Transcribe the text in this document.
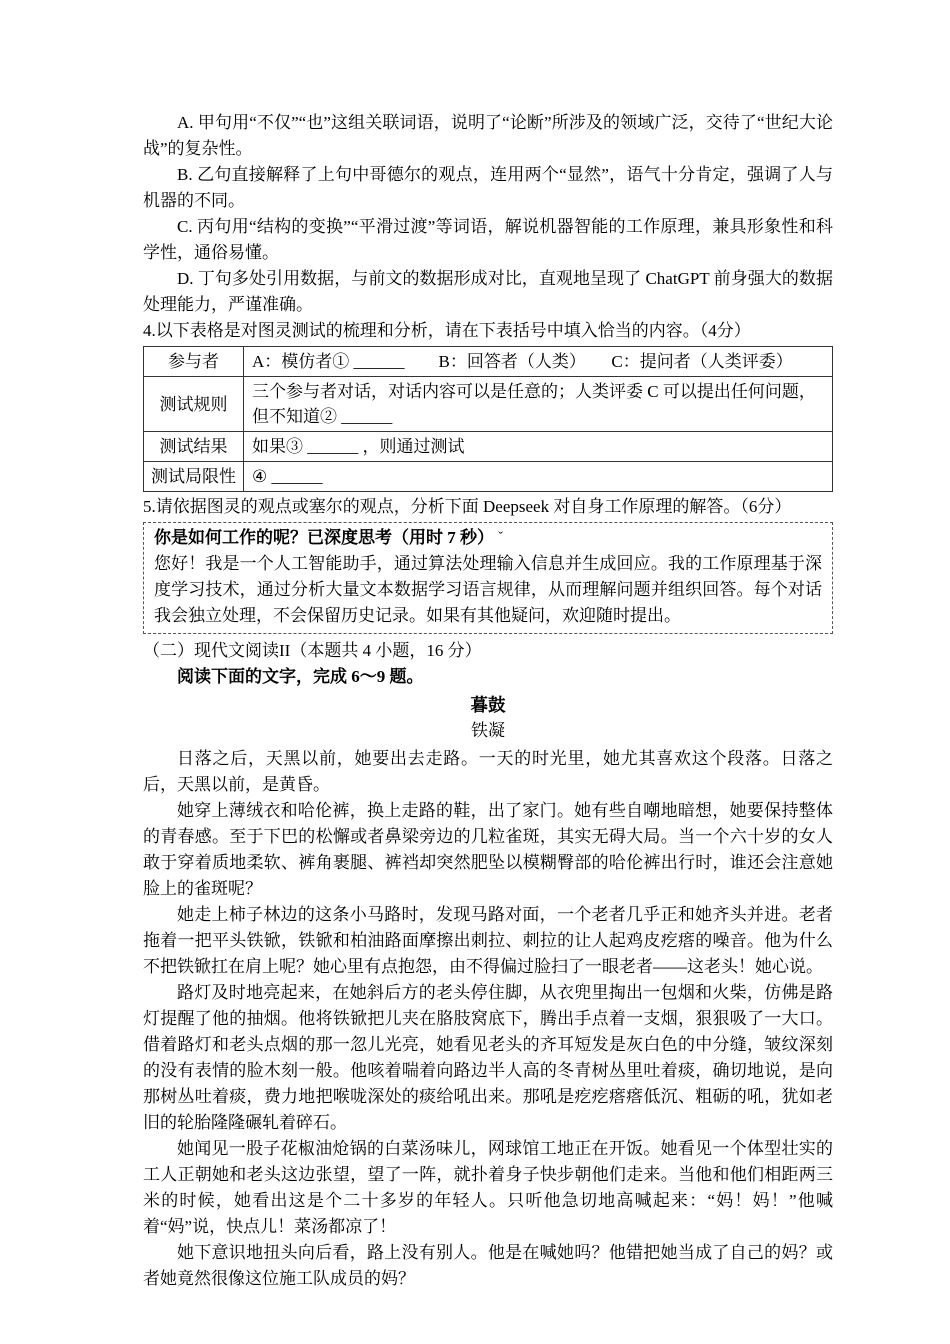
A. 甲句用“不仅”“也”这组关联词语，说明了“论断”所涉及的领域广泛，交待了“世纪大论战”的复杂性。

B. 乙句直接解释了上句中哥德尔的观点，连用两个“显然”，语气十分肯定，强调了人与机器的不同。

C. 丙句用“结构的变换”“平滑过渡”等词语，解说机器智能的工作原理，兼具形象性和科学性，通俗易懂。

D. 丁句多处引用数据，与前文的数据形成对比，直观地呈现了 ChatGPT 前身强大的数据处理能力，严谨准确。

4.以下表格是对图灵测试的梳理和分析，请在下表括号中填入恰当的内容。（4分）

参与者	A：模仿者① ______　　B：回答者（人类）　　C：提问者（人类评委）
测试规则	三个参与者对话，对话内容可以是任意的；人类评委 C 可以提出任何问题，但不知道② ______
测试结果	如果③ ______ ，则通过测试
测试局限性	④ ______

5.请依据图灵的观点或塞尔的观点，分析下面 Deepseek 对自身工作原理的解答。（6分）

你是如何工作的呢？已深度思考（用时 7 秒） ˇ
您好！我是一个人工智能助手，通过算法处理输入信息并生成回应。我的工作原理基于深度学习技术，通过分析大量文本数据学习语言规律，从而理解问题并组织回答。每个对话我会独立处理，不会保留历史记录。如果有其他疑问，欢迎随时提出。

（二）现代文阅读II（本题共 4 小题，16 分）

阅读下面的文字，完成 6～9 题。

暮鼓

铁凝

日落之后，天黑以前，她要出去走路。一天的时光里，她尤其喜欢这个段落。日落之后，天黑以前，是黄昏。

她穿上薄绒衣和哈伦裤，换上走路的鞋，出了家门。她有些自嘲地暗想，她要保持整体的青春感。至于下巴的松懈或者鼻梁旁边的几粒雀斑，其实无碍大局。当一个六十岁的女人敢于穿着质地柔软、裤角裹腿、裤裆却突然肥坠以模糊臀部的哈伦裤出行时，谁还会注意她脸上的雀斑呢？

她走上柿子林边的这条小马路时，发现马路对面，一个老者几乎正和她齐头并进。老者拖着一把平头铁锨，铁锨和柏油路面摩擦出刺拉、刺拉的让人起鸡皮疙瘩的噪音。他为什么不把铁锨扛在肩上呢？她心里有点抱怨，由不得偏过脸扫了一眼老者——这老头！她心说。

路灯及时地亮起来，在她斜后方的老头停住脚，从衣兜里掏出一包烟和火柴，仿佛是路灯提醒了他的抽烟。他将铁锨把儿夹在胳肢窝底下，腾出手点着一支烟，狠狠吸了一大口。借着路灯和老头点烟的那一忽儿光亮，她看见老头的齐耳短发是灰白色的中分缝，皱纹深刻的没有表情的脸木刻一般。他咳着喘着向路边半人高的冬青树丛里吐着痰，确切地说，是向那树丛吐着痰，费力地把喉咙深处的痰给吼出来。那吼是疙疙瘩瘩低沉、粗砺的吼，犹如老旧的轮胎隆隆碾轧着碎石。

她闻见一股子花椒油炝锅的白菜汤味儿，网球馆工地正在开饭。她看见一个体型壮实的工人正朝她和老头这边张望，望了一阵，就扑着身子快步朝他们走来。当他和他们相距两三米的时候，她看出这是个二十多岁的年轻人。只听他急切地高喊起来：“妈！妈！”他喊着“妈”说，快点儿！菜汤都凉了！

她下意识地扭头向后看，路上没有别人。他是在喊她吗？他错把她当成了自己的妈？或者她竟然很像这位施工队成员的妈？
